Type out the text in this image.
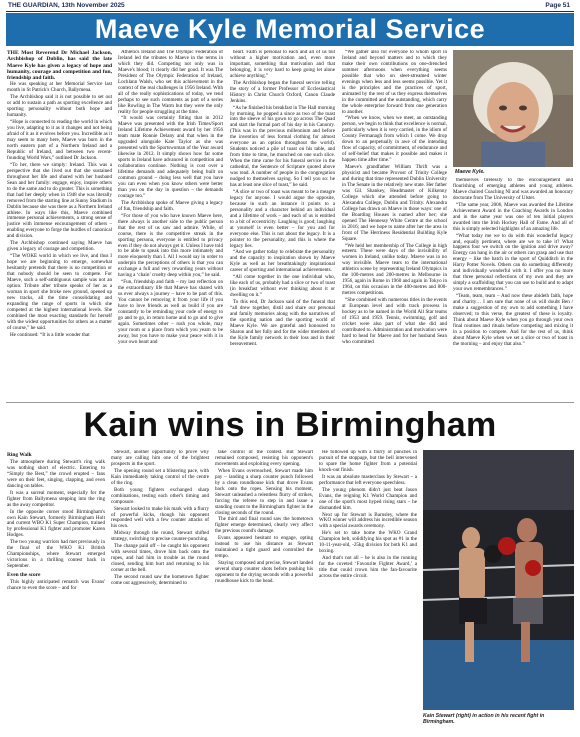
THE GUARDIAN, 13th November 2025	Page 51
Maeve Kyle Memorial Service

THE Most Reverend Dr Michael Jackson, Archbishop of Dublin, has said the late Maeve Kyle has given a legacy of hope and humanity, courage and competition and fun, friendship and faith.

He was speaking at her Memorial Service last month in St Patrick's Church, Ballymena.

The Archbishop said it is not possible to set out or add to sustain a path as sporting excellence and sporting personality without both hope and humanity.

“Hope is connected to reading the world in which you live, adapting to it as it changes and not being afraid of it as it evolves before you. Incredible as it may seem to many here, Maeve was born in the north eastern part of a Northern Ireland and a Republic of Ireland, and between two recent-founding World Wars,” outlined Dr Jackson.

“To her, there we simply: Ireland. This was a perspective that she lived out that she sustained throughout her life and shared with her husband Sean and her family: engage, enjoy, inspire others to do the same and to do greater. This is something that had her deeply when in 1948 she was literally removed from the starting line at Sunny Stadium in Dublin because she was there as a Northern Ireland athlete. In ways like this, Maeve combined immense personal achievements, a strong sense of justice with immense encouragement of others – enabling everyone to forge the hurdles of canonical and division.

The Archbishop continued saying Maeve has given a legacy of courage and competition.

“The WOKE world in which we live, and thus I hope we are beginning to emerge, somewhat hesitantly pretends that there is no competition or that nobody should be seen to compete. For Maeve, such a self-ambiguous sample was not an option. Tribute after tribute speaks of her as a woman in sport she broke new ground, opened up new tracks, all the time consolidating and expanding the range of sports in which she competed at the highest international levels. She combined the most exacting standards for herself with the widest opportunities for others as a matter of course,” he said.

He continued: “It is a little wonder that

Athletics Ireland and The Olympic Federation of Ireland led the tributes to Maeve in the terms in which they did. Competing not only was in Maeve's blood; it clearly did her good. It was The President of The Olympic Federation of Ireland, Lochlann Walsh, who set this achievement in the context of the real challenges in 1956 Ireland. With all of the really sophistications of today, we tend perhaps to see such comments as part of a series like Rowling in The Warm but they were the only reality for people struggling at the time.

“It would was certainly fitting that in 2012 Maeve was presented with the Irish Times/Sport Ireland Lifetime Achievement award by her 1956 team mate Ronnie Delany and that when in the upgraded alongside Kate Taylor as she was presented with the Sportswoman of the Year award likewise in 2012. It simply shows how far some sports in Ireland have advanced in competition and collaboration continue. Nothing is cost over a lifetime demands and adequately being built on common ground – doing less well that you have you can even when you know others were better than you on the day in question – the demands courage too.”

The Archbishop spoke of Maeve giving a legacy of fun, friendship and faith.

“For those of you who have known Maeve here, there always is another side to the public person that the rest of us saw and admire. While, of course, there is the competitive streak in the sporting persona, everyone is entitled to privacy even if they do not always get it. Unless I have told to be able to speak into this more intimately and more eloquently than I. All I would say in order to underpin the perceptions of others is that you can exchange a full and very rewarding years without having a ‘chain’ cruelty deep within you,” he said.

“Fun, friendship and faith – my last reflection on the extraordinary life that Maeve has shared with us ever always a journey – have to be part of this. You cannot be removing it from your life if you have to love friends as well as build if you are constantly to be reminding your code of energy to go and to go, in return home and to go and to give again. Sometimes other – rush you whole, may your room or a place from which you yearn to be away, but you have to make your peace with it in your own heart and

heart. Faith is personal to each and all of us but without a higher motivation and, even more important, something that motivation and that belonging, it is very hard to keep going let alone achieve anything.”

The Archbishop began the funeral service telling the story of a former Professor of Ecclesiastical History in Christ Church Oxford, Canon Claude Jenkins.

“As he finished his breakfast in The Hall morning by morning, he popped a since as two of the toast into the sleeve of his gown to go across The Quad and start the formal part of his day in his Canonry. (This was in the previous millennium and before the invention of less formal clothing for almost everyone as an option throughout the world). Students noticed a pile of toast on his table, and from time to time, he munched on one such slice. When the time came for his funeral service in the cathedral, the Sentence of Scripture quoted above was read. A number of people in the congregation nudged to themselves saying. So I tell you so: he has at least one slice of toast,” he said.

“A slice or two of toast was meant to be a meagre legacy for anyone. I would argue the opposite, because in such an instance it points to a personality and a character behind an individual and a lifetime of work – and each of us is entitled to a bit of eccentricity. Laughing is good; laughing at yourself is even better – for you and for everyone else. This is not about the legacy. It is a pointer to the personality, and this is where the legacy lies.

“And we gather today to celebrate the personality and the capacity to inspiration shown by Maeve Kyle as well as her breathtakingly inspirational career of sporting and international achievements.

“All come together in the one individual who, like each of us, probably had a slice or two of toast (in breakfast without ever thinking about it or dwelling on it.”

To this end, Dr Jackson said of the funeral that “all drew together, distil and share our personal and family memories along with the narratives of the sporting nation and the sporting world of Maeve Kyle. We are grateful and honoured to Sharon and her fully and for the wider members of the Kyle family network in their loss and in their bereavement.

“We gather also for everyone to whom sport in Ireland and beyond matters and to which they make their own contributions on one-drenched summer afternoons when everything seems possible that who on sleet-streamed winter evenings when less and less seems possible. Yet it is the principles and the practices of sport, animated by the rest of us they express themselves in the committed and the outstanding, which carry the whole enterprise forward from one generation to another.

“When we know, when we meet, an outstanding person, we begin to think that excellence is normal, particularly when it is very carried, in the idiom of County Fermanagh from which I come. We drop down to an perpetually in awe of the intending flow of capacity, of commitment, of endurance and of self-belief that makes it possible and makes it happen time after time.”

Maeve's grandfather William Thrift was a physicist and became Provost of Trinity College and during that time represented Dublin University in The Senate in the relatively new state. Her father was Gil. Shankey, Headmaster of Kilkenny College which she attended before going to Alexandra College, Dublin and Trinity. Alexandra College has drawn on Maeve in those ways: one of the Boarding Houses is named after her; she opened The Hennessy White Centre at the school in 2016; and we hope to name after her the area in front of The Herriness Residential Building Kyle Square.

“We held her membership of The College in high esteem. These were days of the invisibility of women in Ireland, unlike today. Maeve was in no way invisible. Maeve tears to the international athletics scene by representing Ireland Olympics in the 100-metres and 200-metres in Melbourne in 1956, again in Rome in 1960 and again in Tokyo in 1964, on this occasion in the 400-metres and 800-metres competitions.

“She combined with numerous titles in the events at European level and with track prowess in hockey as to be named in the World All Star teams of 1953 and 1959. Tennis, swimming, golf and cricket were also part of what she did and contributed to. Administration and motivation were hard to head for Maeve and for her husband Sean who committed

Maeve Kyle.

themselves tirelessly to the encouragement and flourishing of emerging athletes and young athletes. Maeve chaired Coaching NI and was awarded an honorary doctorate from The University of Ulster.

“The same year, 2006, Maeve was awarded the Lifetime Achievement Award in the Coaching Awards in London and in the same year was one of ten initial players awarded into the Irish Hockey Hall of Fame. And all of this is simply selected highlights of an amazing life.

“What today me we to do with this wonderful legacy and, equally pertinent, where are we to take it? What happens four we switch on the ignition and drive away? Energy can hang in the air or others can grasp and use that energy – like the batch in the sport of Quidditch in the Harry Potter Novels. Others can do something differently and individually wonderful with it. I offer you no more that three personal reflections of my own and they are simply a scaffolding that you can use to build and to adapt your own remembrances.”

“Team, team, team – And now these abideth faith, hope and charity… I am sure that none of us will doubt Ben / make a suggestion of my own to add something I have observed; to this verse, the greatest of these is loyalty. Think about Maeve Kyle when you go through your own final routines and rituals before competing and mixing it in a position to compete. And for the rest of us, think about Maeve Kyle when we set a slice or two of toast in the morning – and enjoy that also.”

Kain wins in Birmingham

Ring Walk

The atmosphere during Stewart's ring walk was nothing short of electric. Entering to “Simply the Best,” the crowd erupted – fans were on their feet, singing, clapping, and even dancing on tables.

It was a surreal moment, especially for the fighter from Ballymena stepping into the ring as the away competitor.

In the opposite corner stood Birmingham's own Kain Stewart, formerly Birmingham Holt and current WBO K1 Super Champion, trained by professional K1 fighter and promoter Karen Hodges.

The two young warriors had met previously in the final of the WKO K1 British Championships, where Stewart emerged victorious in a thrilling contest back in September.

Even the score

This highly anticipated rematch was Evans' chance to even the score – and for

Stewart, another opportunity to prove why many are calling him one of the brightest prospects in the sport.

The opening round set a blistering pace, with Kain immediately taking control of the centre of the ring.

Both young fighters exchanged sharp combinations, testing each other's timing and composure.

Stewart looked to make his mark with a flurry of powerful kicks, though his opponent responded well with a few counter attacks of his own.

Midway through the round, Stewart shifted strategy, switching to precise counter-punching.

The change paid off – he caught his opponent with several times, drove him back onto the ropes, and had him in trouble as the round closed, sending him hurt and returning to his corner at the bell.

The second round saw the hometown fighter come out aggressively, determined to

take control of the contest. But Stewart remained composed, resisting his opponent's movements and exploiting every opening.

When Evans overreached, Stewart made him pay – landing a sharp counter punch followed by a clean roundhouse kick that drove Evans back onto the ropes. Sensing his moment, Stewart unleashed a relentless flurry of strikes, forcing the referee to step in and issue a standing count to the Birmingham fighter in the closing seconds of the round.

The third and final round saw the hometown fighter emerge determined, clearly very affect the previous round's damage.

Evans appeared hesitant to engage, opting instead to use his distance as Stewart maintained a tight guard and controlled the tempo.

Staying composed and precise, Stewart landed several sharp counter shots before pushing his opponent to the drying seconds with a powerful roundhouse kick to the head.

He followed up with a flurry of punches in pursuit of the stoppage, but the bell intervened to spare the home fighter from a potential knock-out finish.

It was an absolute masterclass by Stewart – a performance that left everyone speechless.

The young phenom didn't just beat Jason Evans, the reigning K1 World Champion and one of the sport's most hyped rising stars – he dismantled him.

Next up for Stewart is Barnsley, where the WKO winner will address his incredible season with a special awards ceremony.

He's set to take home the WKO Grand Champion belt, solidifying his spot as #1 in the 10-11-year-old, -25kg division for both K1 and boxing.

And that's not all – he is also in the running for the coveted ‘Favourite Fighter Award,’ a title that could crown him the fan-favourite across the entire circuit.

Kain Stewart (right) in action in his recent fight in Birmingham.
